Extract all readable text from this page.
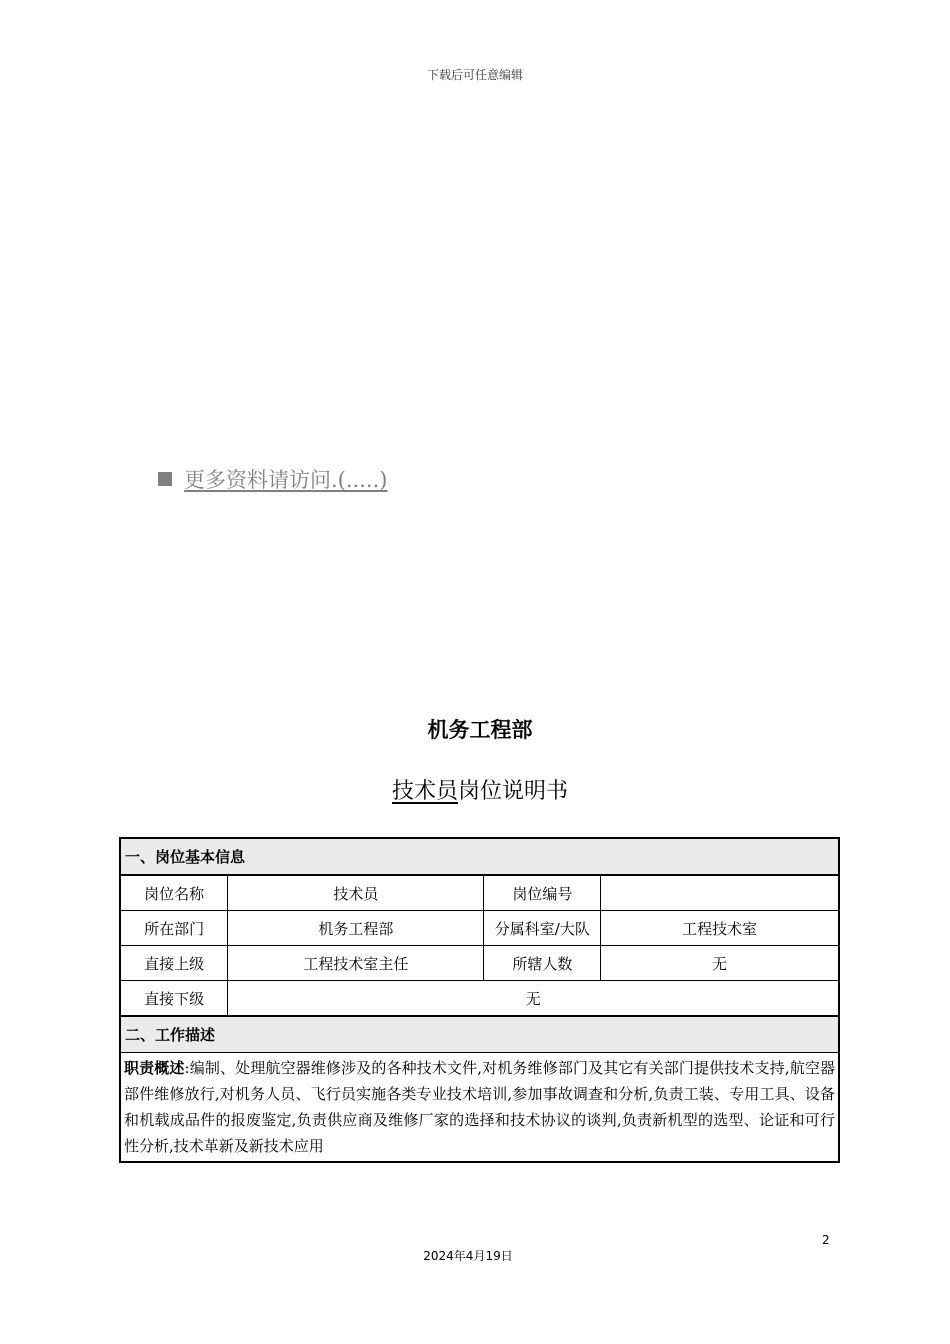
下载后可任意编辑
更多资料请访问.(.....)
机务工程部
技术员岗位说明书
一、岗位基本信息			
岗位名称	技术员	岗位编号	
所在部门	机务工程部	分属科室/大队	工程技术室
直接上级	工程技术室主任	所辖人数	无
直接下级	无		
二、工作描述			
职责概述:编制、处理航空器维修涉及的各种技术文件,对机务维修部门及其它有关部门提供技术支持,航空器部件维修放行,对机务人员、飞行员实施各类专业技术培训,参加事故调查和分析,负责工装、专用工具、设备和机载成品件的报废鉴定,负责供应商及维修厂家的选择和技术协议的谈判,负责新机型的选型、论证和可行性分析,技术革新及新技术应用			
2
2024年4月19日
